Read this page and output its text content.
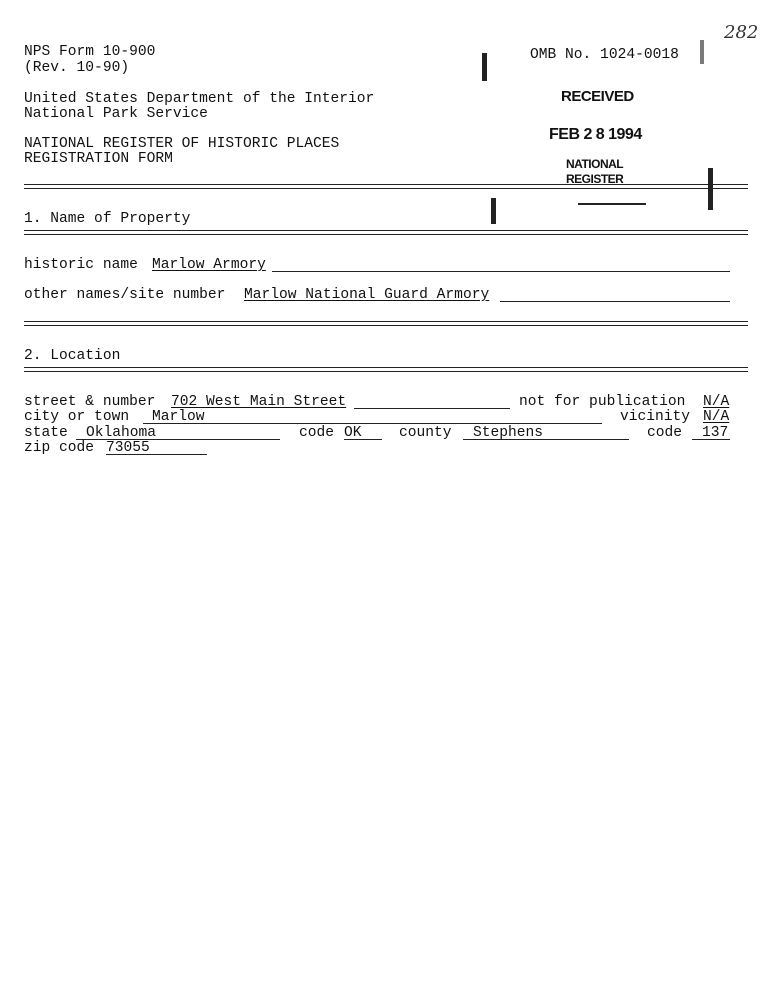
NPS Form 10-900
(Rev. 10-90)
OMB No. 1024-0018
282
United States Department of the Interior
National Park Service
NATIONAL REGISTER OF HISTORIC PLACES
REGISTRATION FORM
RECEIVED
FEB 2 8 1994
NATIONAL
REGISTER
1. Name of Property
historic name Marlow Armory
other names/site number Marlow National Guard Armory
2. Location
street & number 702 West Main Street	not for publication N/A
city or town Marlow	vicinity N/A
state Oklahoma	code OK	county Stephens	code 137
zip code 73055
